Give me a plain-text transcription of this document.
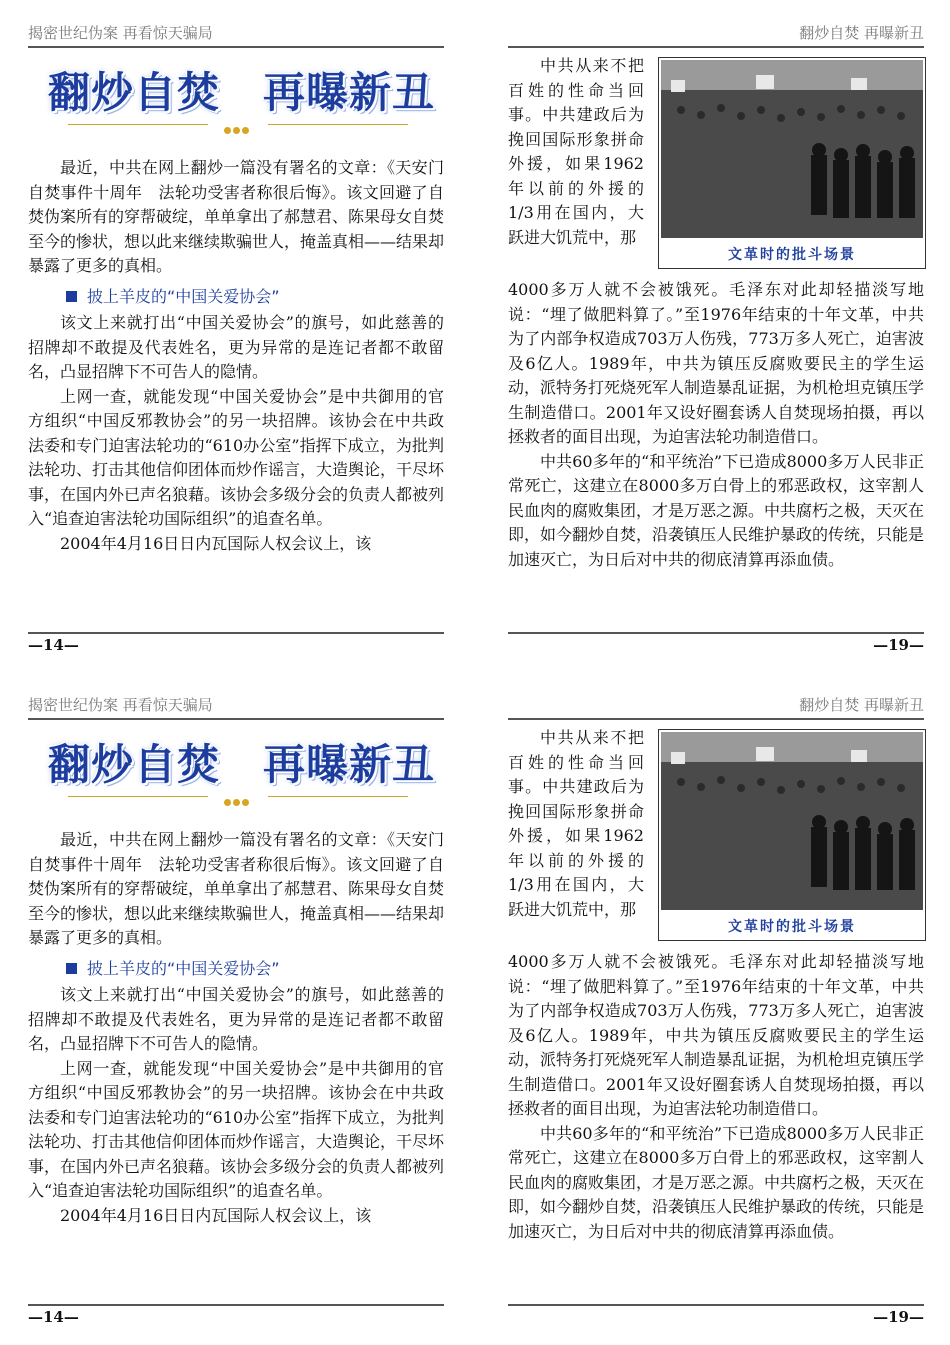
揭密世纪伪案 再看惊天骗局
翻炒自焚　再曝新丑

最近，中共在网上翻炒一篇没有署名的文章：《天安门自焚事件十周年　法轮功受害者称很后悔》。该文回避了自焚伪案所有的穿帮破绽，单单拿出了郝慧君、陈果母女自焚至今的惨状，想以此来继续欺骗世人，掩盖真相——结果却暴露了更多的真相。

披上羊皮的“中国关爱协会”

该文上来就打出“中国关爱协会”的旗号，如此慈善的招牌却不敢提及代表姓名，更为异常的是连记者都不敢留名，凸显招牌下不可告人的隐情。

上网一查，就能发现“中国关爱协会”是中共御用的官方组织“中国反邪教协会”的另一块招牌。该协会在中共政法委和专门迫害法轮功的“610办公室”指挥下成立，为批判法轮功、打击其他信仰团体而炒作谣言，大造舆论，干尽坏事，在国内外已声名狼藉。该协会多级分会的负责人都被列入“追查迫害法轮功国际组织”的追查名单。

2004年4月16日日内瓦国际人权会议上，该

—14—
翻炒自焚 再曝新丑

中共从来不把百姓的性命当回事。中共建政后为挽回国际形象拼命外援，如果1962年以前的外援的1/3用在国内，大跃进大饥荒中，那

文革时的批斗场景

4000多万人就不会被饿死。毛泽东对此却轻描淡写地说：“埋了做肥料算了。”至1976年结束的十年文革，中共为了内部争权造成703万人伤残，773万多人死亡，迫害波及6亿人。1989年，中共为镇压反腐败要民主的学生运动，派特务打死烧死军人制造暴乱证据，为机枪坦克镇压学生制造借口。2001年又设好圈套诱人自焚现场拍摄，再以拯救者的面目出现，为迫害法轮功制造借口。

中共60多年的“和平统治”下已造成8000多万人民非正常死亡，这建立在8000多万白骨上的邪恶政权，这宰割人民血肉的腐败集团，才是万恶之源。中共腐朽之极，天灭在即，如今翻炒自焚，沿袭镇压人民维护暴政的传统，只能是加速灭亡，为日后对中共的彻底清算再添血债。

—19—
揭密世纪伪案 再看惊天骗局
翻炒自焚　再曝新丑

最近，中共在网上翻炒一篇没有署名的文章：《天安门自焚事件十周年　法轮功受害者称很后悔》。该文回避了自焚伪案所有的穿帮破绽，单单拿出了郝慧君、陈果母女自焚至今的惨状，想以此来继续欺骗世人，掩盖真相——结果却暴露了更多的真相。

披上羊皮的“中国关爱协会”

该文上来就打出“中国关爱协会”的旗号，如此慈善的招牌却不敢提及代表姓名，更为异常的是连记者都不敢留名，凸显招牌下不可告人的隐情。

上网一查，就能发现“中国关爱协会”是中共御用的官方组织“中国反邪教协会”的另一块招牌。该协会在中共政法委和专门迫害法轮功的“610办公室”指挥下成立，为批判法轮功、打击其他信仰团体而炒作谣言，大造舆论，干尽坏事，在国内外已声名狼藉。该协会多级分会的负责人都被列入“追查迫害法轮功国际组织”的追查名单。

2004年4月16日日内瓦国际人权会议上，该

—14—
翻炒自焚 再曝新丑

中共从来不把百姓的性命当回事。中共建政后为挽回国际形象拼命外援，如果1962年以前的外援的1/3用在国内，大跃进大饥荒中，那

文革时的批斗场景

4000多万人就不会被饿死。毛泽东对此却轻描淡写地说：“埋了做肥料算了。”至1976年结束的十年文革，中共为了内部争权造成703万人伤残，773万多人死亡，迫害波及6亿人。1989年，中共为镇压反腐败要民主的学生运动，派特务打死烧死军人制造暴乱证据，为机枪坦克镇压学生制造借口。2001年又设好圈套诱人自焚现场拍摄，再以拯救者的面目出现，为迫害法轮功制造借口。

中共60多年的“和平统治”下已造成8000多万人民非正常死亡，这建立在8000多万白骨上的邪恶政权，这宰割人民血肉的腐败集团，才是万恶之源。中共腐朽之极，天灭在即，如今翻炒自焚，沿袭镇压人民维护暴政的传统，只能是加速灭亡，为日后对中共的彻底清算再添血债。

—19—
